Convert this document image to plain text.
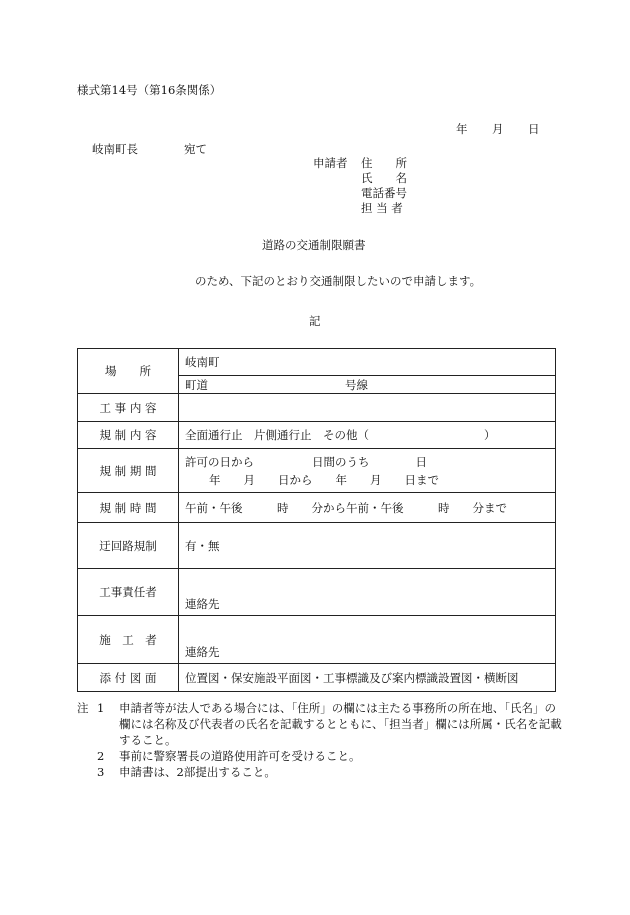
様式第14号（第16条関係）
年 月 日
岐南町長	宛て
申請者 住　　所
氏　　名
電話番号
担 当 者
道路の交通制限願書
のため、下記のとおり交通制限したいので申請します。
記
場　　所	岐南町
町道 号線

工 事 内 容	
規 制 内 容	全面通行止　片側通行止　その他（　　　　　　　　　　）
規 制 期 間	許可の日から 日間のうち 日
年　　月　　日から　　年　　月　　日まで

規 制 時 間	午前・午後　　　時　　分から午前・午後　　　時　　分まで
迂回路規制	有・無
工事責任者	連絡先

施　工　者	連絡先

添 付 図 面	位置図・保安施設平面図・工事標識及び案内標識設置図・横断図
注 1	申請者等が法人である場合には、「住所」の欄には主たる事務所の所在地、「氏名」の欄には名称及び代表者の氏名を記載するとともに、「担当者」欄には所属・氏名を記載すること。
2	事前に警察署長の道路使用許可を受けること。
3	申請書は、2部提出すること。
